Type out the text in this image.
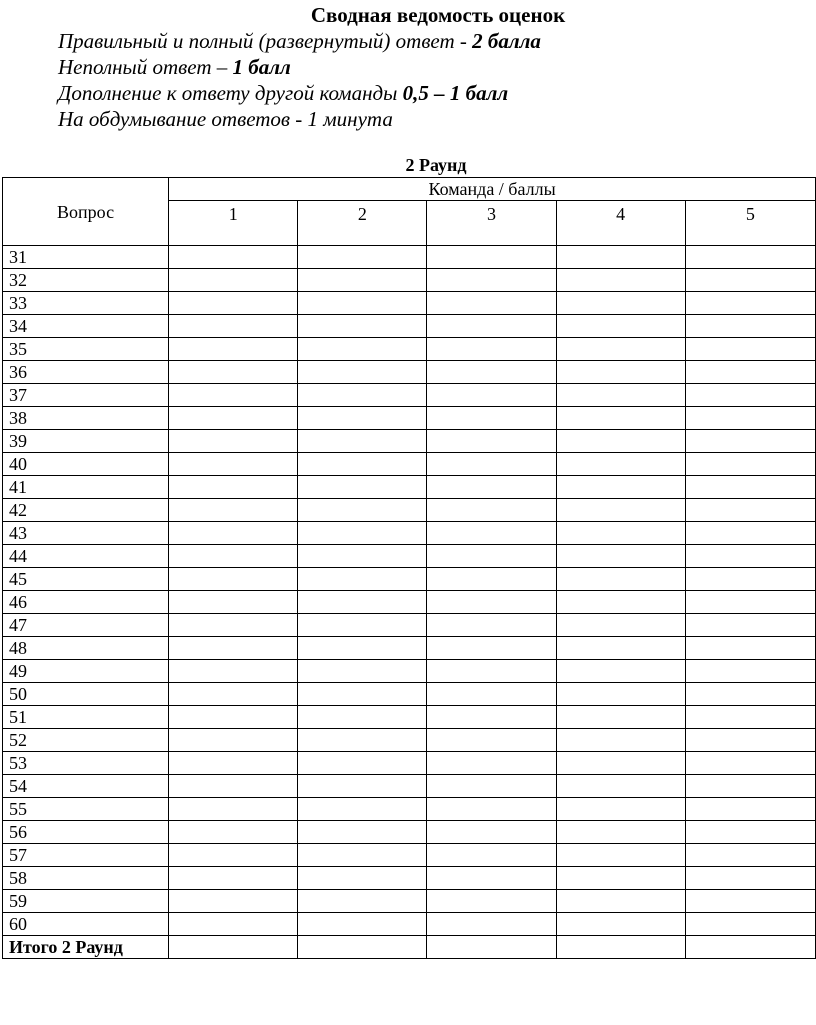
Сводная ведомость оценок
Правильный и полный (развернутый) ответ - 2 балла
Неполный ответ – 1 балл
Дополнение к ответу другой команды 0,5 – 1 балл
На обдумывание ответов - 1 минута
2 Раунд
Вопрос	Команда / баллы				
	1	2	3	4	5
31					
32					
33					
34					
35					
36					
37					
38					
39					
40					
41					
42					
43					
44					
45					
46					
47					
48					
49					
50					
51					
52					
53					
54					
55					
56					
57					
58					
59					
60					
Итого 2 Раунд					
